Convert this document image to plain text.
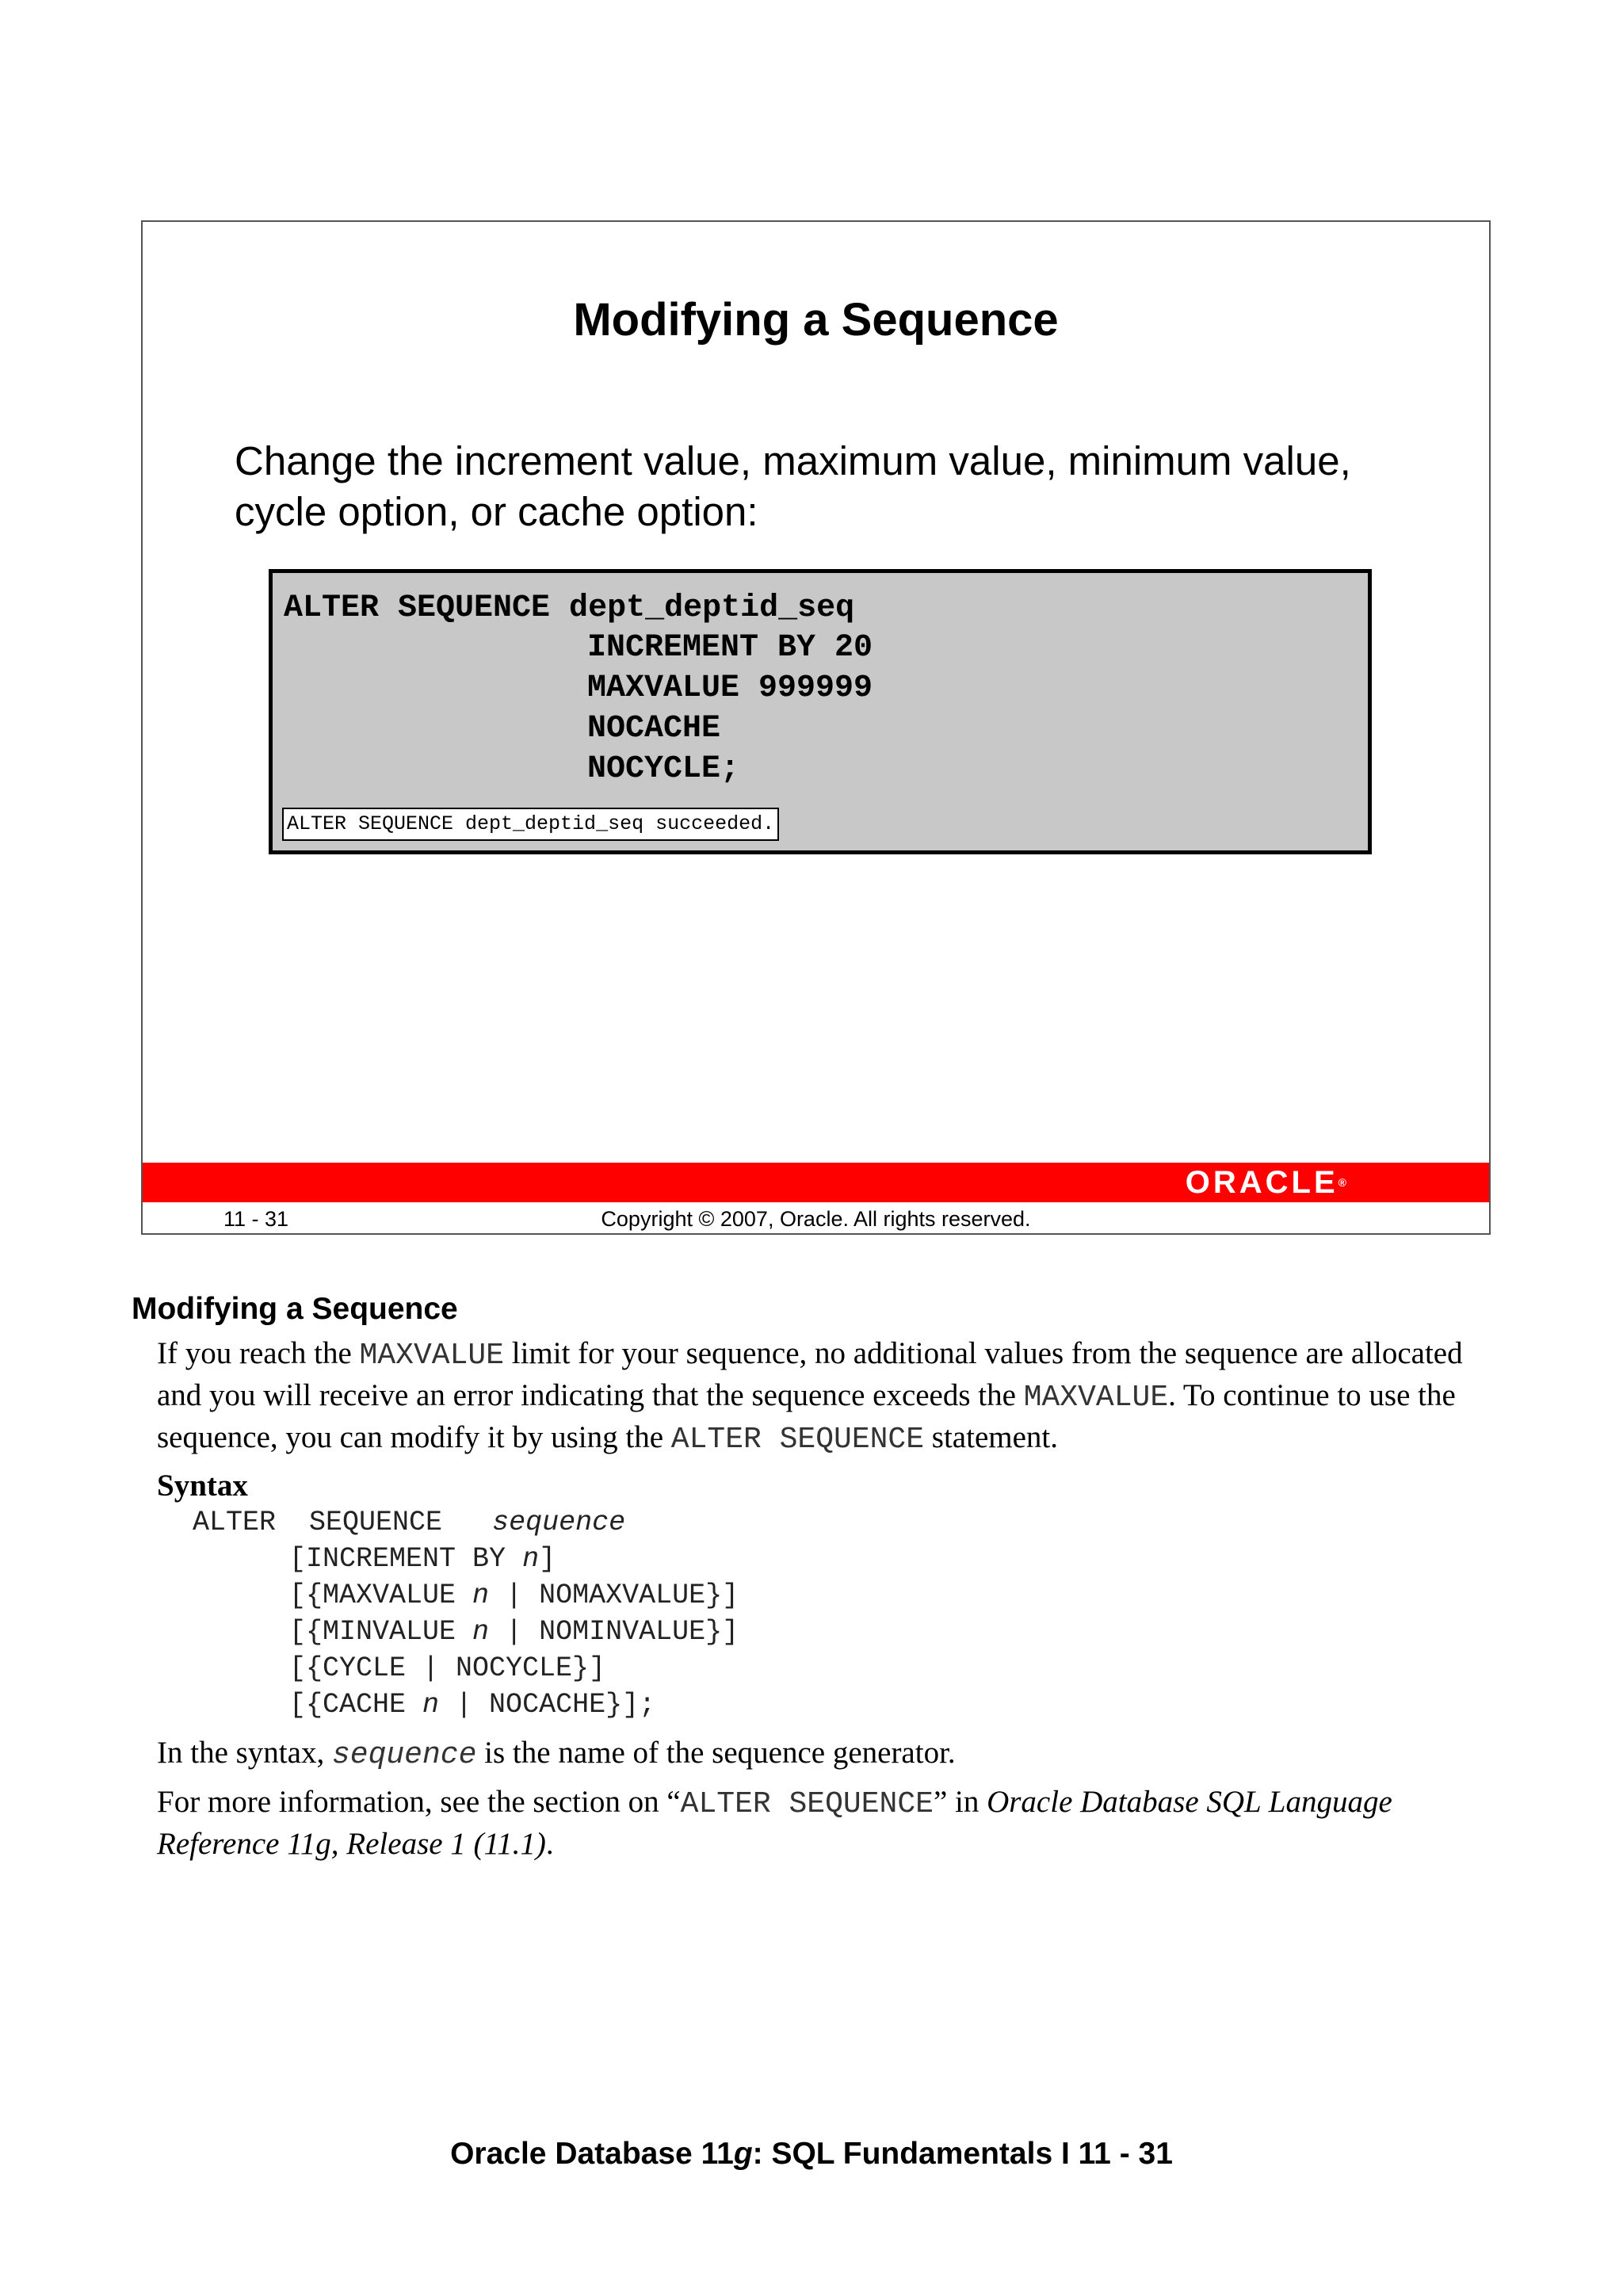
Modifying a Sequence
Change the increment value, maximum value, minimum value, cycle option, or cache option:
ALTER SEQUENCE dept_deptid_seq
INCREMENT BY 20
MAXVALUE 999999
NOCACHE
NOCYCLE;
ALTER SEQUENCE dept_deptid_seq succeeded.
ORACLE®
11 - 31	Copyright © 2007, Oracle. All rights reserved.
Modifying a Sequence
If you reach the MAXVALUE limit for your sequence, no additional values from the sequence are allocated and you will receive an error indicating that the sequence exceeds the MAXVALUE. To continue to use the sequence, you can modify it by using the ALTER SEQUENCE statement.
Syntax
ALTER  SEQUENCE   sequence
[INCREMENT BY n]
[{MAXVALUE n | NOMAXVALUE}]
[{MINVALUE n | NOMINVALUE}]
[{CYCLE | NOCYCLE}]
[{CACHE n | NOCACHE}];
In the syntax, sequence is the name of the sequence generator.
For more information, see the section on “ALTER SEQUENCE” in Oracle Database SQL Language Reference 11g, Release 1 (11.1).
Oracle Database 11g: SQL Fundamentals I 11 - 31
